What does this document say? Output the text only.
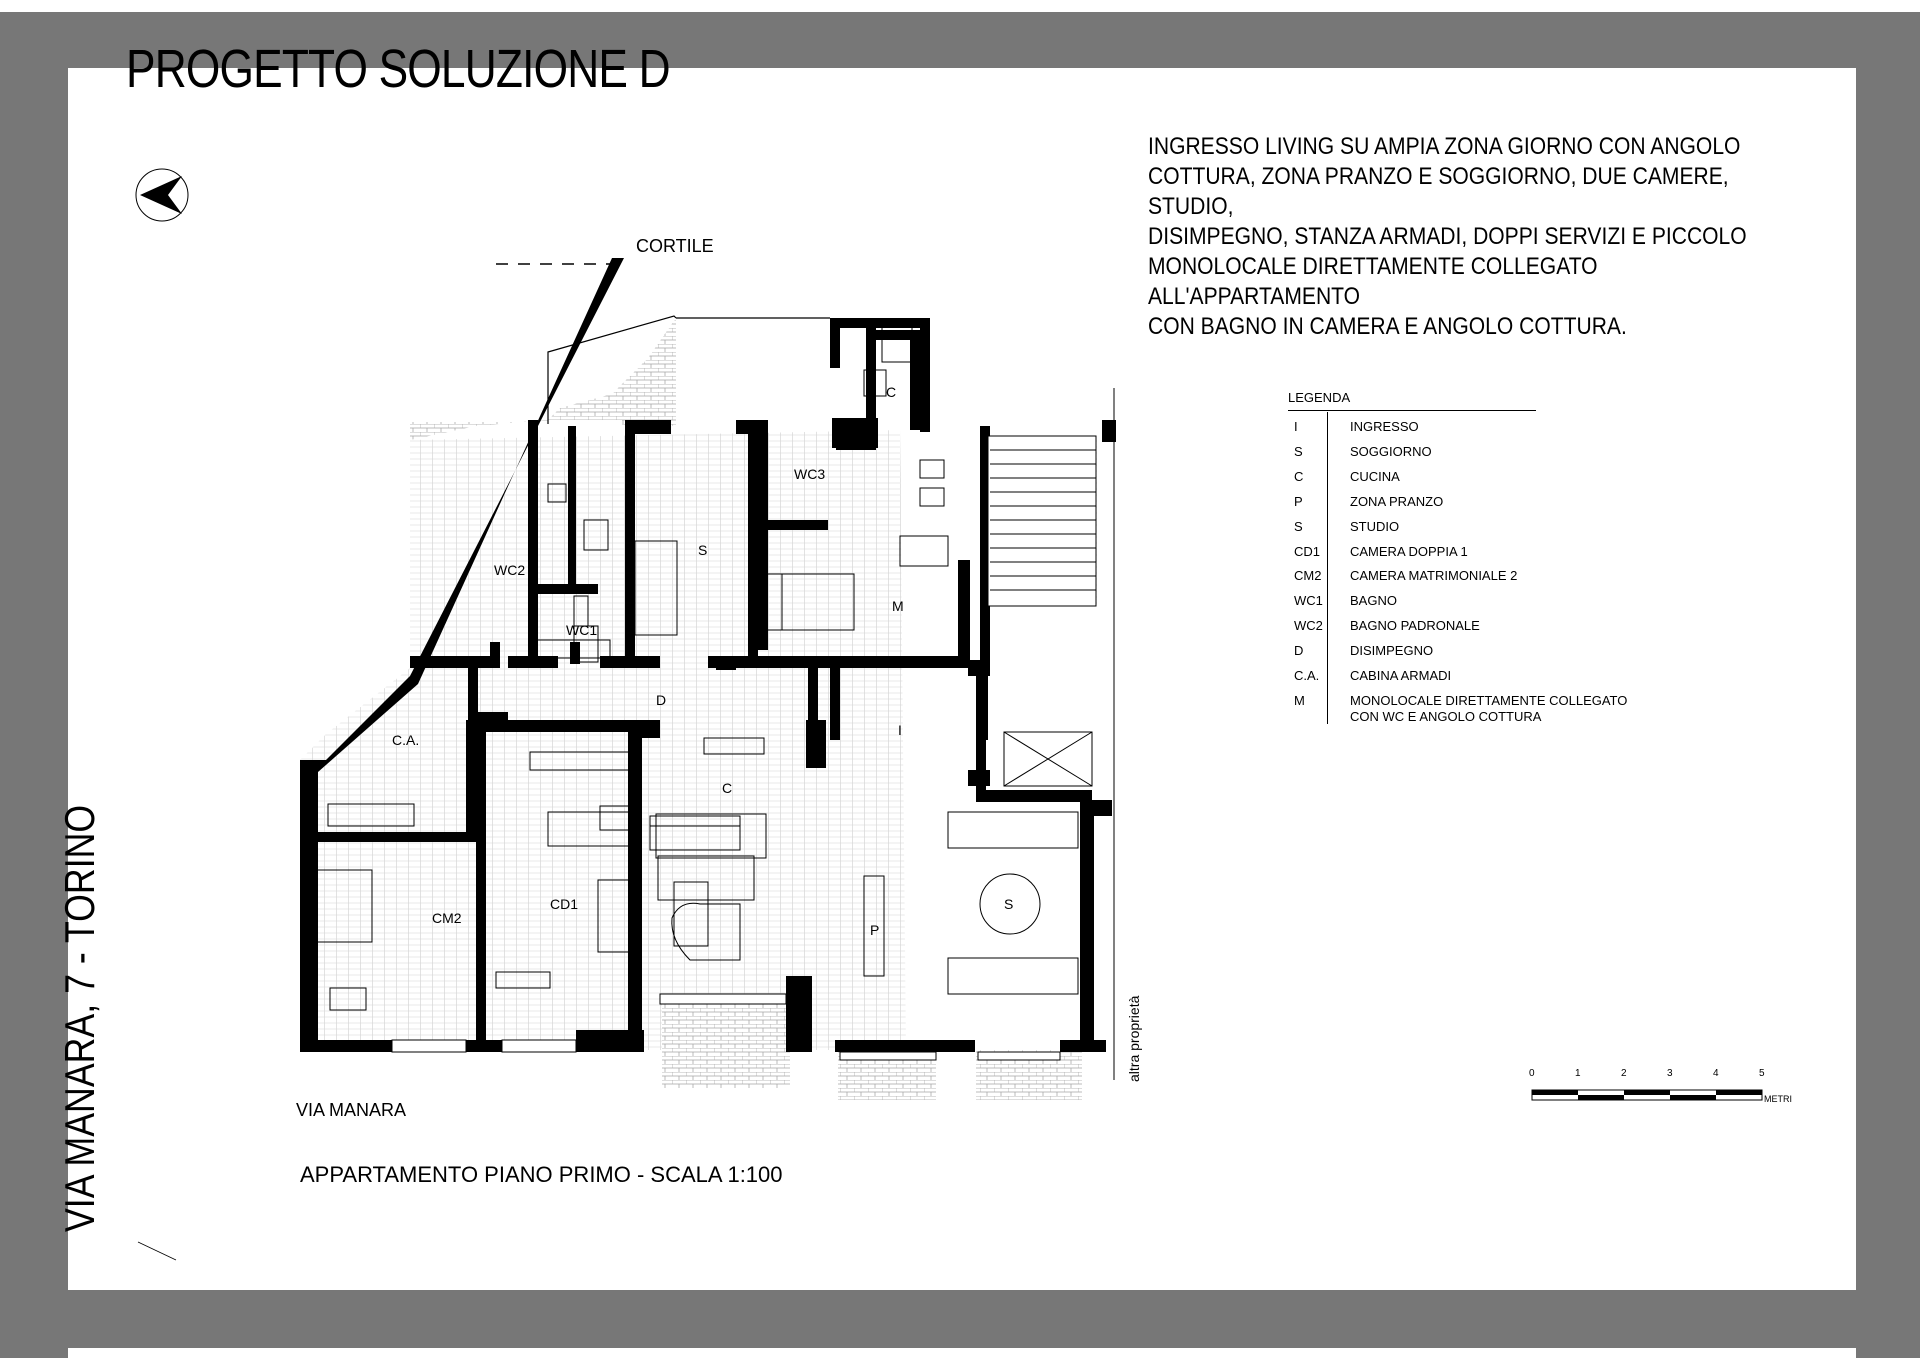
PROGETTO SOLUZIONE D
INGRESSO LIVING SU AMPIA ZONA GIORNO CON ANGOLO
COTTURA, ZONA PRANZO E SOGGIORNO, DUE CAMERE, STUDIO,
DISIMPEGNO, STANZA ARMADI, DOPPI SERVIZI E PICCOLO
MONOLOCALE DIRETTAMENTE COLLEGATO ALL'APPARTAMENTO
CON BAGNO IN CAMERA E ANGOLO COTTURA.
VIA MANARA, 7 - TORINO
CORTILE
VIA MANARA
altra proprietà
APPARTAMENTO PIANO PRIMO - SCALA 1:100
WC2
WC1
WC3
S
C
M
D
C.A.
I
C
CD1
CM2
P
S
LEGENDA
I	INGRESSO
S	SOGGIORNO
C	CUCINA
P	ZONA PRANZO
S	STUDIO
CD1 CAMERA DOPPIA 1
CM2 CAMERA MATRIMONIALE 2
WC1 BAGNO
WC2 BAGNO PADRONALE
D	DISIMPEGNO
C.A. CABINA ARMADI
M	MONOLOCALE DIRETTAMENTE COLLEGATO
CON WC E ANGOLO COTTURA
0	1	2	3	4	5
METRI
